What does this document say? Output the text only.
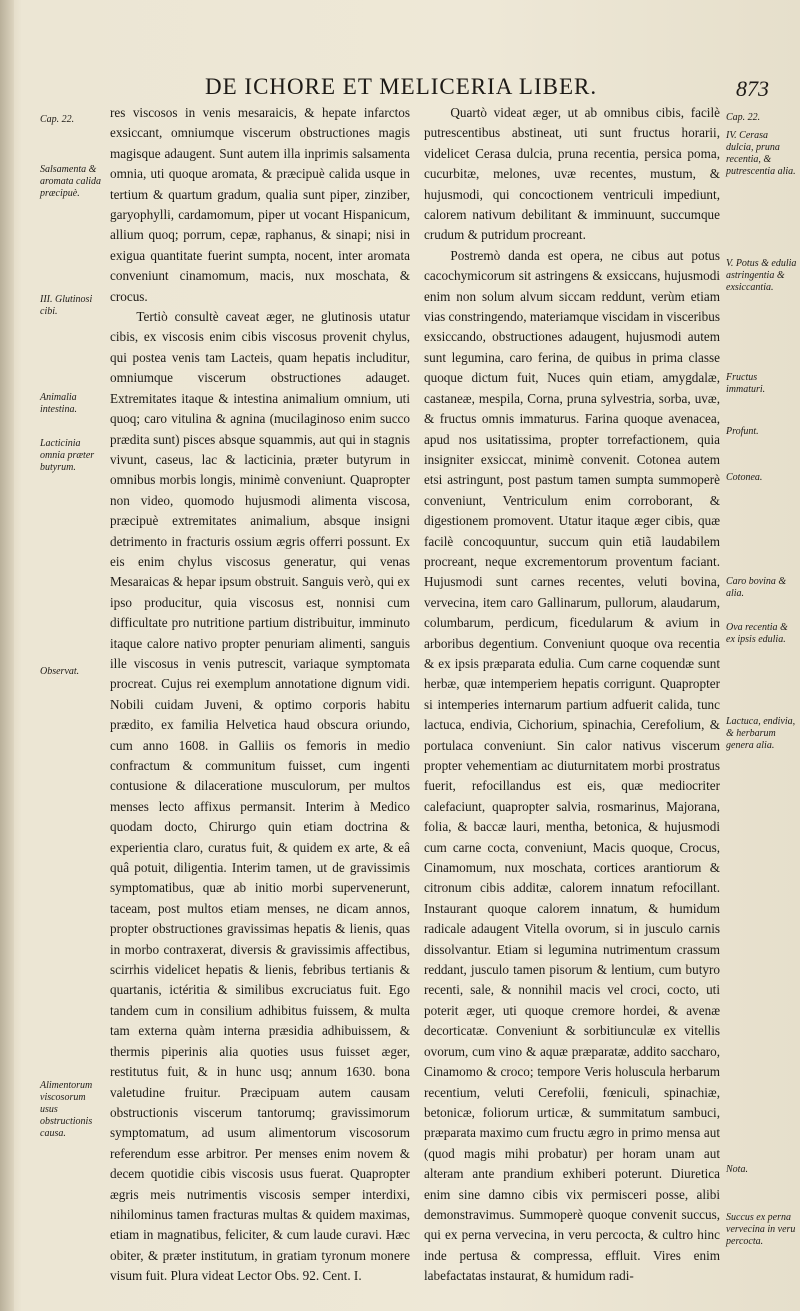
DE ICHORE ET MELICERIA LIBER.	873
Cap. 22.
Salsamenta & aromata calida præcipuè.
III. Glutinosi cibi.
Animalia intestina.
Lacticinia omnia præter butyrum.
Observat.
Alimentorum viscosorum usus obstructionis causa.

res viscosos in venis mesaraicis, & hepate infarctos exsiccant, omniumque viscerum obstructiones magis magisque adaugent. Sunt autem illa inprimis salsamenta omnia, uti quoque aromata, & præcipuè calida usque in tertium & quartum gradum, qualia sunt piper, zinziber, garyophylli, cardamomum, piper ut vocant Hispanicum, allium quoq; porrum, cepæ, raphanus, & sinapi; nisi in exigua quantitate fuerint sumpta, nocent, inter aromata conveniunt cinamomum, macis, nux moschata, & crocus.

Tertiò consultè caveat æger, ne glutinosis utatur cibis, ex viscosis enim cibis viscosus provenit chylus, qui postea venis tam Lacteis, quam hepatis includitur, omniumque viscerum obstructiones adauget. Extremitates itaque & intestina animalium omnium, uti quoq; caro vitulina & agnina (mucilaginoso enim succo prædita sunt) pisces absque squammis, aut qui in stagnis vivunt, caseus, lac & lacticinia, præter butyrum in omnibus morbis longis, minimè conveniunt. Quapropter non video, quomodo hujusmodi alimenta viscosa, præcipuè extremitates animalium, absque insigni detrimento in fracturis ossium ægris offerri possunt. Ex eis enim chylus viscosus generatur, qui venas Mesaraicas & hepar ipsum obstruit. Sanguis verò, qui ex ipso producitur, quia viscosus est, nonnisi cum difficultate pro nutritione partium distribuitur, imminuto itaque calore nativo propter penuriam alimenti, sanguis ille viscosus in venis putrescit, variaque symptomata procreat. Cujus rei exemplum annotatione dignum vidi. Nobili cuidam Juveni, & optimo corporis habitu prædito, ex familia Helvetica haud obscura oriundo, cum anno 1608. in Galliis os femoris in medio confractum & communitum fuisset, cum ingenti contusione & dilaceratione musculorum, per multos menses lecto affixus permansit. Interim à Medico quodam docto, Chirurgo quin etiam doctrina & experientia claro, curatus fuit, & quidem ex arte, & eâ quâ potuit, diligentia. Interim tamen, ut de gravissimis symptomatibus, quæ ab initio morbi supervenerunt, taceam, post multos etiam menses, ne dicam annos, propter obstructiones gravissimas hepatis & lienis, quas in morbo contraxerat, diversis & gravissimis affectibus, scirrhis videlicet hepatis & lienis, febribus tertianis & quartanis, ictéritia & similibus excruciatus fuit. Ego tandem cum in consilium adhibitus fuissem, & multa tam externa quàm interna præsidia adhibuissem, & thermis piperinis alia quoties usus fuisset æger, restitutus fuit, & in hunc usq; annum 1630. bona valetudine fruitur. Præcipuam autem causam obstructionis viscerum tantorumq; gravissimorum symptomatum, ad usum alimentorum viscosorum referendum esse arbitror. Per menses enim novem & decem quotidie cibis viscosis usus fuerat. Quapropter ægris meis nutrimentis viscosis semper interdixi, nihilominus tamen fracturas multas & quidem maximas, etiam in magnatibus, feliciter, & cum laude curavi. Hæc obiter, & præter institutum, in gratiam tyronum monere visum fuit. Plura videat Lector Obs. 92. Cent. I.

Quartò videat æger, ut ab omnibus cibis, facilè putrescentibus abstineat, uti sunt fructus horarii, videlicet Cerasa dulcia, pruna recentia, persica poma, cucurbitæ, melones, uvæ recentes, mustum, & hujusmodi, qui concoctionem ventriculi impediunt, calorem nativum debilitant & imminuunt, succumque crudum & putridum procreant.

Postremò danda est opera, ne cibus aut potus cacochymicorum sit astringens & exsiccans, hujusmodi enim non solum alvum siccam reddunt, verùm etiam vias constringendo, materiamque viscidam in visceribus exsiccando, obstructiones adaugent, hujusmodi autem sunt legumina, caro ferina, de quibus in prima classe quoque dictum fuit, Nuces quin etiam, amygdalæ, castaneæ, mespila, Corna, pruna sylvestria, sorba, uvæ, & fructus omnis immaturus. Farina quoque avenacea, apud nos usitatissima, propter torrefactionem, quia insigniter exsiccat, minimè convenit. Cotonea autem etsi astringunt, post pastum tamen sumpta summoperè conveniunt, Ventriculum enim corroborant, & digestionem promovent. Utatur itaque æger cibis, quæ facilè concoquuntur, succum quin etiã laudabilem procreant, neque excrementorum proventum faciant. Hujusmodi sunt carnes recentes, veluti bovina, vervecina, item caro Gallinarum, pullorum, alaudarum, columbarum, perdicum, ficedularum & avium in arboribus degentium. Conveniunt quoque ova recentia & ex ipsis præparata edulia. Cum carne coquendæ sunt herbæ, quæ intemperiem hepatis corrigunt. Quapropter si intemperies internarum partium adfuerit calida, tunc lactuca, endivia, Cichorium, spinachia, Cerefolium, & portulaca conveniunt. Sin calor nativus viscerum propter vehementiam ac diuturnitatem morbi prostratus fuerit, refocillandus est eis, quæ mediocriter calefaciunt, quapropter salvia, rosmarinus, Majorana, folia, & baccæ lauri, mentha, betonica, & hujusmodi cum carne cocta, conveniunt, Macis quoque, Crocus, Cinamomum, nux moschata, cortices arantiorum & citronum cibis additæ, calorem innatum refocillant. Instaurant quoque calorem innatum, & humidum radicale adaugent Vitella ovorum, si in jusculo carnis dissolvantur. Etiam si legumina nutrimentum crassum reddant, jusculo tamen pisorum & lentium, cum butyro recenti, sale, & nonnihil macis vel croci, cocto, uti poterit æger, uti quoque cremore hordei, & avenæ decorticatæ. Conveniunt & sorbitiunculæ ex vitellis ovorum, cum vino & aquæ præparatæ, addito saccharo, Cinamomo & croco; tempore Veris holuscula herbarum recentium, veluti Cerefolii, fœniculi, spinachiæ, betonicæ, foliorum urticæ, & summitatum sambuci, præparata maximo cum fructu ægro in primo mensa aut (quod magis mihi probatur) per horam unam aut alteram ante prandium exhiberi poterunt. Diuretica enim sine damno cibis vix permisceri posse, alibi demonstravimus. Summoperè quoque convenit succus, qui ex perna vervecina, in veru percocta, & cultro hinc inde pertusa & compressa, effluit. Vires enim labefactatas instaurat, & humidum radi-

Cap. 22.
IV. Cerasa dulcia, pruna recentia, & putrescentia alia.
V. Potus & edulia astringentia & exsiccantia.
Fructus immaturi.
Profunt.
Cotonea.
Caro bovina & alia.
Ova recentia & ex ipsis edulia.
Lactuca, endivia, & herbarum genera alia.
Nota.
Succus ex perna vervecina in veru percocta.
